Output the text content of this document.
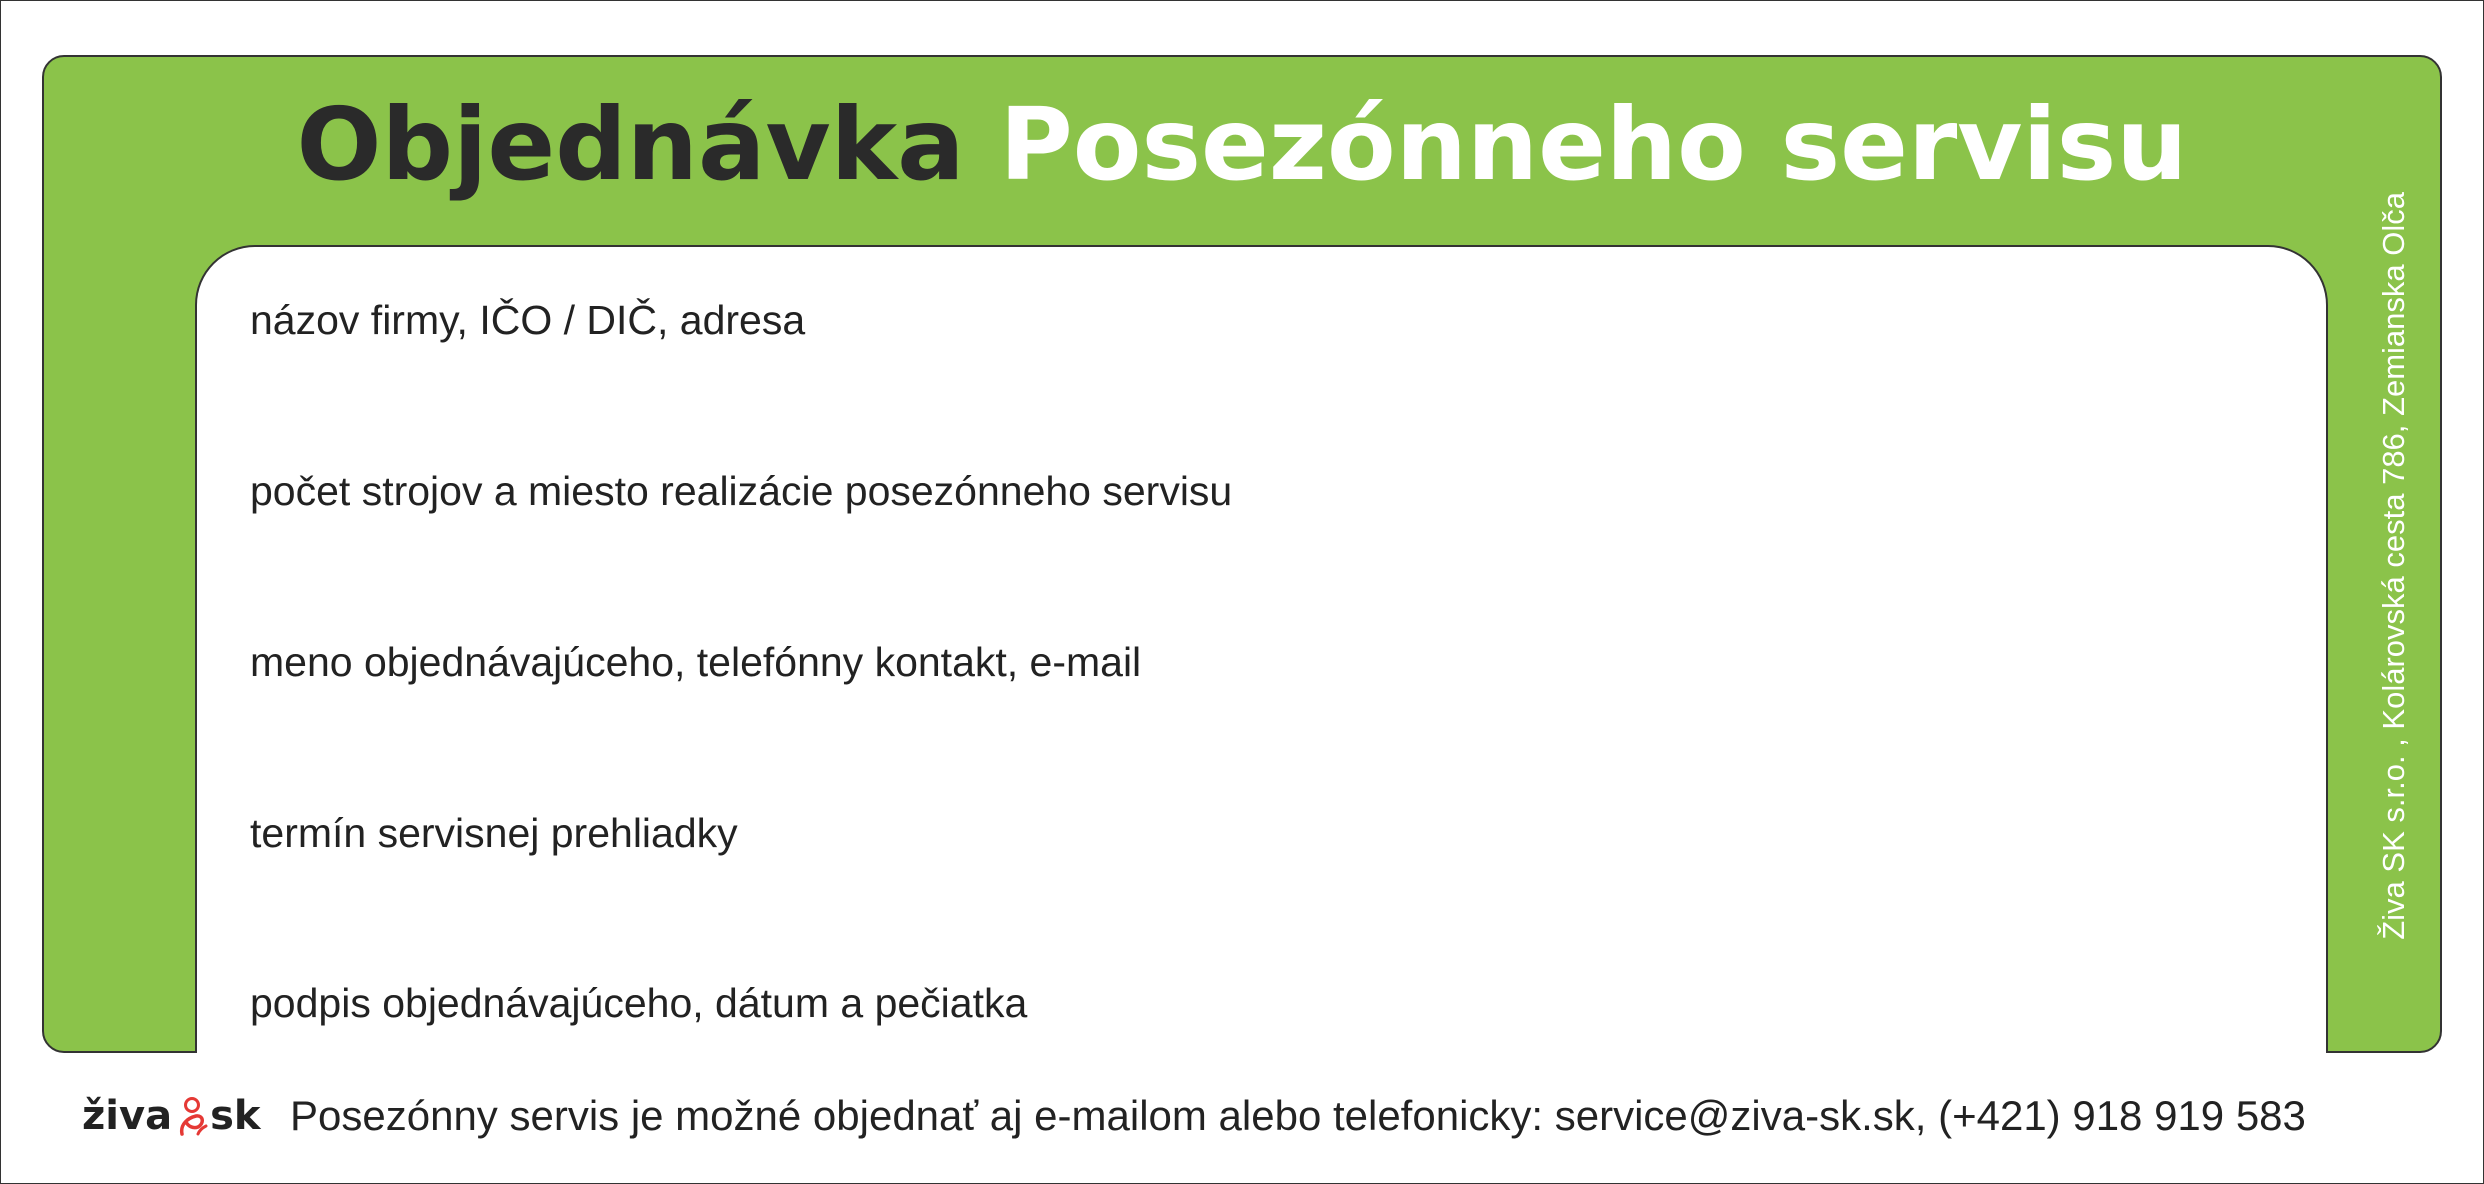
Objednávka Posezónneho servisu
názov firmy, IČO / DIČ, adresa
počet strojov a miesto realizácie posezónneho servisu
meno objednávajúceho, telefónny kontakt, e-mail
termín servisnej prehliadky
podpis objednávajúceho, dátum a pečiatka
Živa SK s.r.o. , Kolárovská cesta 786, Zemianska Olča
živa sk Posezónny servis je možné objednať aj e-mailom alebo telefonicky: service@ziva-sk.sk, (+421) 918 919 583
